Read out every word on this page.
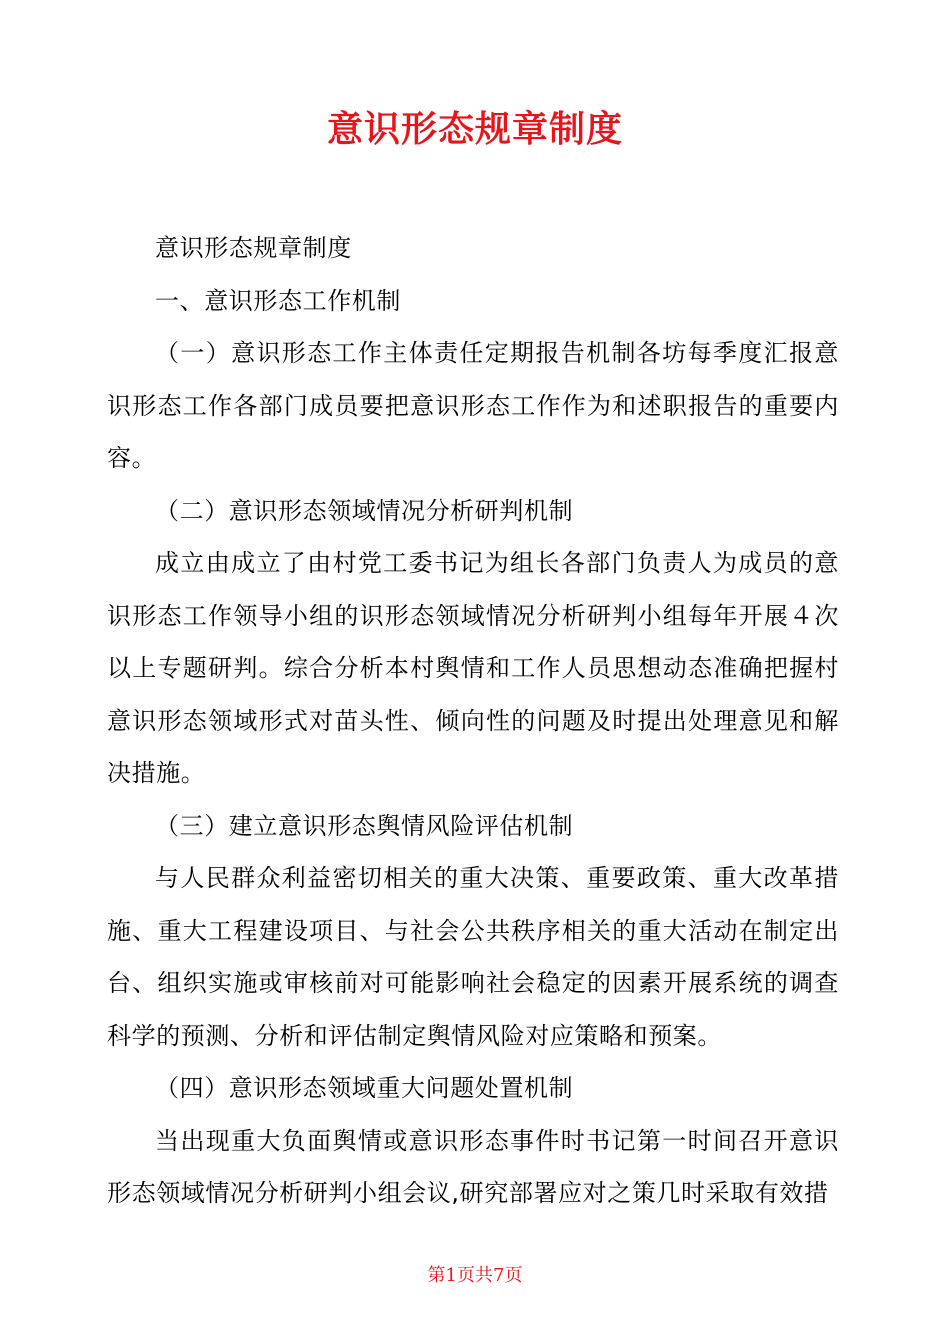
意识形态规章制度

意识形态规章制度

一、意识形态工作机制

（一）意识形态工作主体责任定期报告机制各坊每季度汇报意识形态工作各部门成员要把意识形态工作作为和述职报告的重要内容。

（二）意识形态领域情况分析研判机制

成立由成立了由村党工委书记为组长各部门负责人为成员的意识形态工作领导小组的识形态领域情况分析研判小组每年开展４次以上专题研判。综合分析本村舆情和工作人员思想动态准确把握村意识形态领域形式对苗头性、倾向性的问题及时提出处理意见和解决措施。

（三）建立意识形态舆情风险评估机制

与人民群众利益密切相关的重大决策、重要政策、重大改革措施、重大工程建设项目、与社会公共秩序相关的重大活动在制定出台、组织实施或审核前对可能影响社会稳定的因素开展系统的调查科学的预测、分析和评估制定舆情风险对应策略和预案。

（四）意识形态领域重大问题处置机制

当出现重大负面舆情或意识形态事件时书记第一时间召开意识形态领域情况分析研判小组会议,研究部署应对之策几时采取有效措

第1页共7页
